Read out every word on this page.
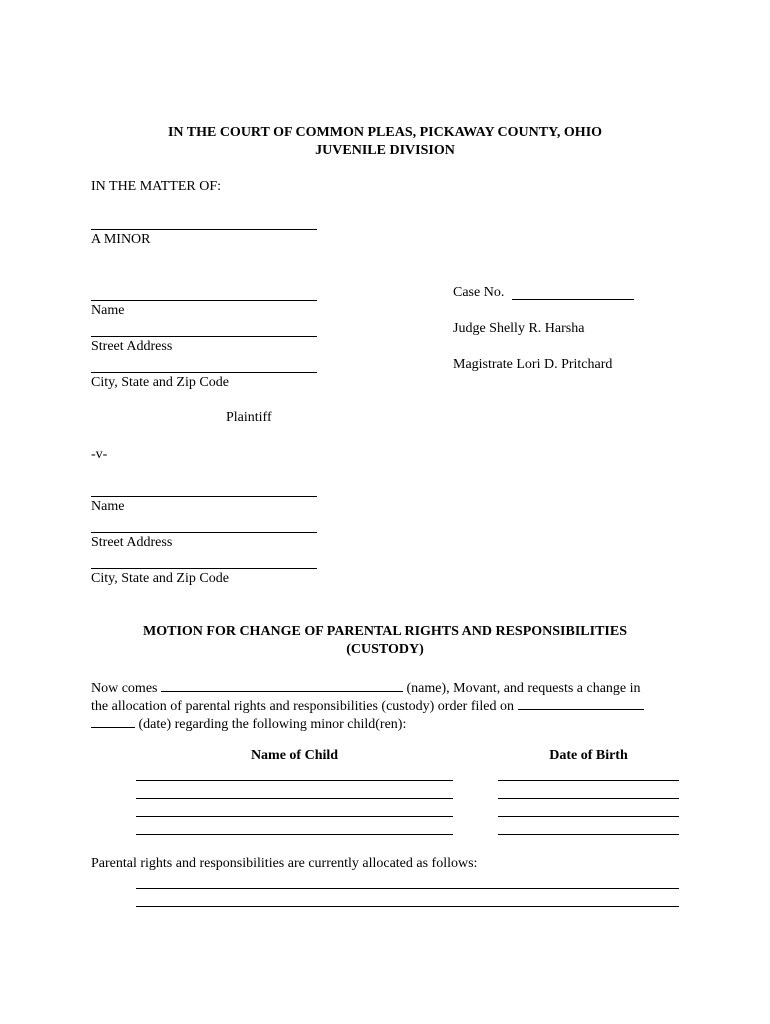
IN THE COURT OF COMMON PLEAS, PICKAWAY COUNTY, OHIO
JUVENILE DIVISION
IN THE MATTER OF:
A MINOR
Name
Street Address
City, State and Zip Code
Plaintiff
-v-
Name
Street Address
City, State and Zip Code
Case No.
Judge Shelly R. Harsha
Magistrate Lori D. Pritchard
MOTION FOR CHANGE OF PARENTAL RIGHTS AND RESPONSIBILITIES
(CUSTODY)
Now comes	(name), Movant, and requests a change in
the allocation of parental rights and responsibilities (custody) order filed on
(date) regarding the following minor child(ren):
Name of Child	Date of Birth
Parental rights and responsibilities are currently allocated as follows:
